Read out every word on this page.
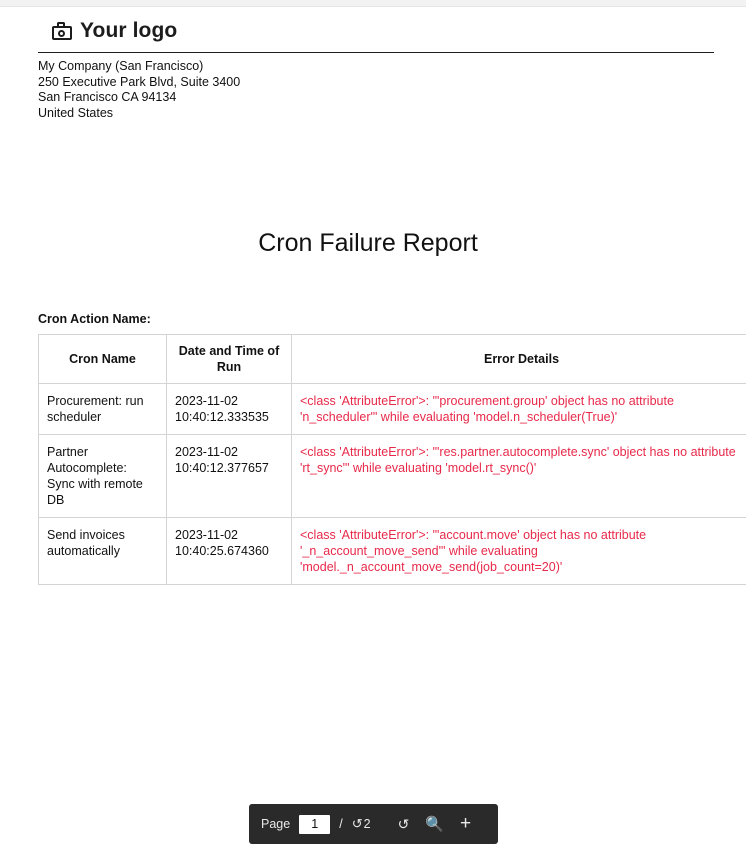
Your logo
My Company (San Francisco)
250 Executive Park Blvd, Suite 3400
San Francisco CA 94134
United States
Cron Failure Report
Cron Action Name:
Cron Name	Date and Time of Run	Error Details
Procurement: run scheduler	2023-11-02 10:40:12.333535	<class 'AttributeError'>: "'procurement.group' object has no attribute 'n_scheduler'" while evaluating 'model.n_scheduler(True)'
Partner Autocomplete: Sync with remote DB	2023-11-02 10:40:12.377657	<class 'AttributeError'>: "'res.partner.autocomplete.sync' object has no attribute 'rt_sync'" while evaluating 'model.rt_sync()'
Send invoices automatically	2023-11-02 10:40:25.674360	<class 'AttributeError'>: "'account.move' object has no attribute '_n_account_move_send'" while evaluating 'model._n_account_move_send(job_count=20)'
Page
1	/ ↺ 2	↺	🔍 +
